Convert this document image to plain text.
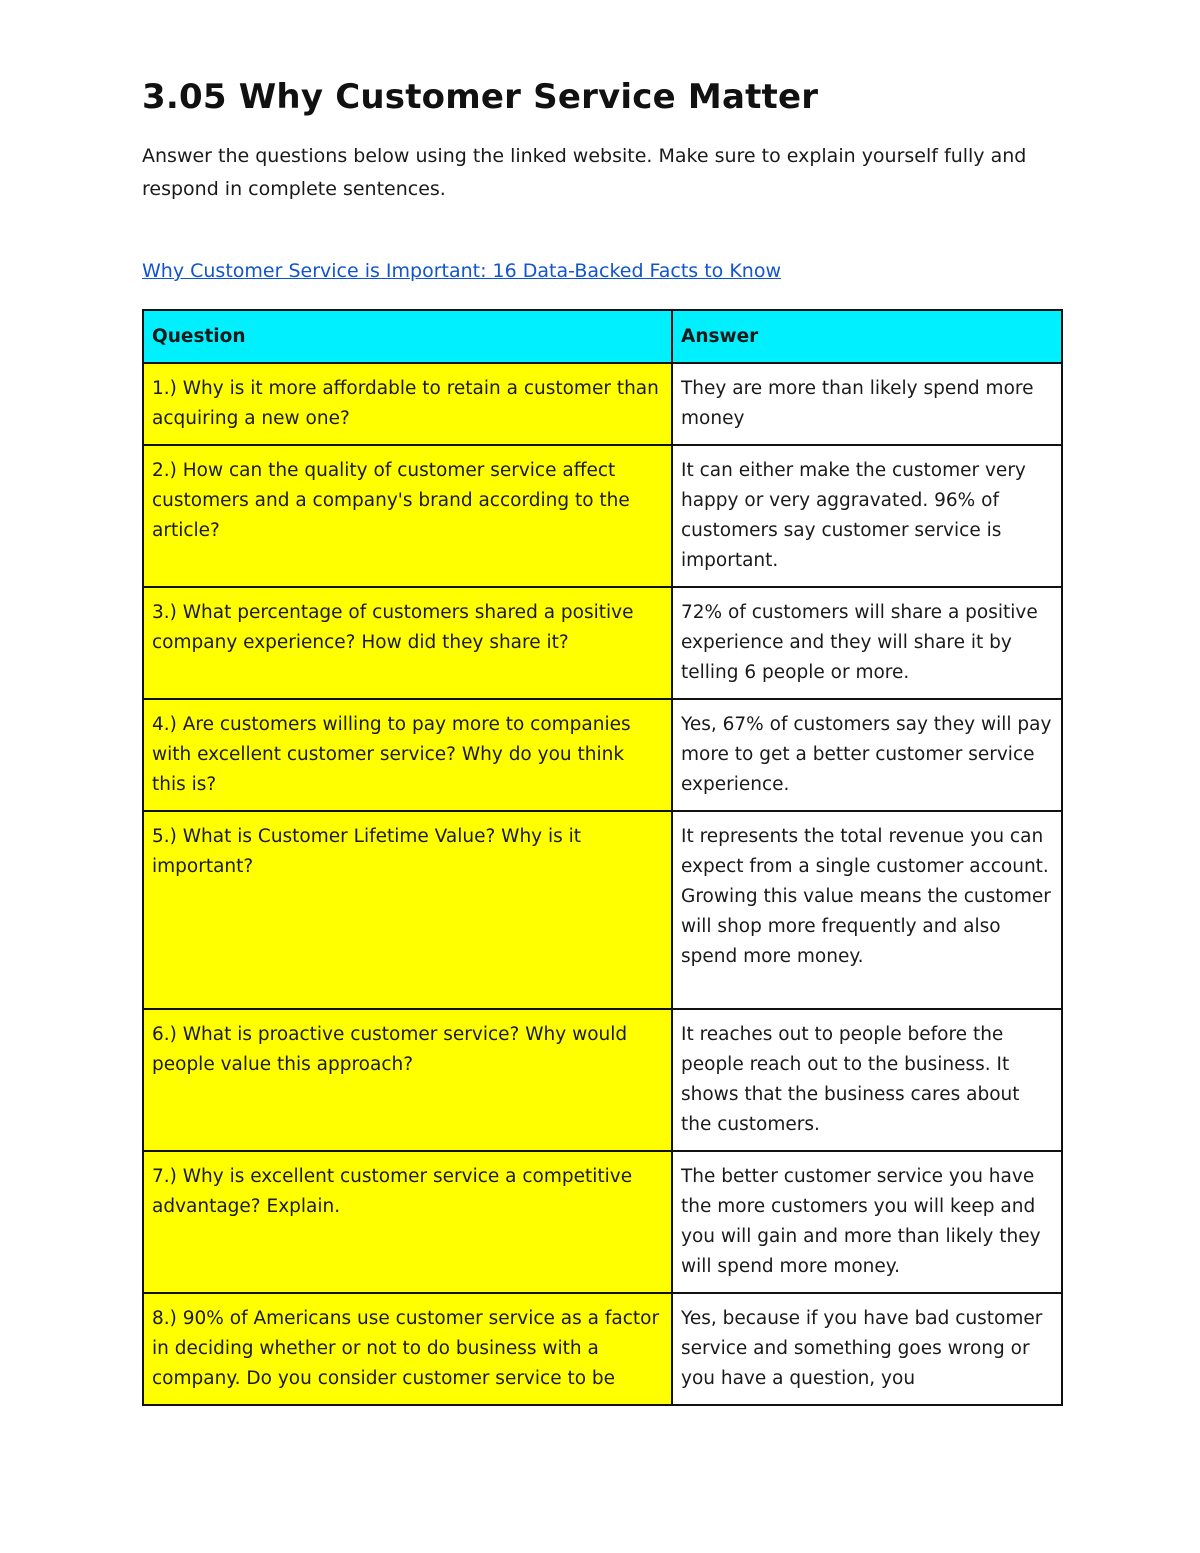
3.05 Why Customer Service Matter

Answer the questions below using the linked website. Make sure to explain yourself fully and respond in complete sentences.

Why Customer Service is Important: 16 Data-Backed Facts to Know
Question	Answer
1.) Why is it more affordable to retain a customer than acquiring a new one?	They are more than likely spend more money
2.) How can the quality of customer service affect customers and a company's brand according to the article?	It can either make the customer very happy or very aggravated. 96% of customers say customer service is important.
3.) What percentage of customers shared a positive company experience? How did they share it?	72% of customers will share a positive experience and they will share it by telling 6 people or more.
4.) Are customers willing to pay more to companies with excellent customer service? Why do you think this is?	Yes, 67% of customers say they will pay more to get a better customer service experience.
5.) What is Customer Lifetime Value? Why is it important?	It represents the total revenue you can expect from a single customer account. Growing this value means the customer will shop more frequently and also spend more money.
6.) What is proactive customer service? Why would people value this approach?	It reaches out to people before the people reach out to the business. It shows that the business cares about the customers.
7.) Why is excellent customer service a competitive advantage? Explain.	The better customer service you have the more customers you will keep and you will gain and more than likely they will spend more money.
8.) 90% of Americans use customer service as a factor in deciding whether or not to do business with a company. Do you consider customer service to be	Yes, because if you have bad customer service and something goes wrong or you have a question, you
